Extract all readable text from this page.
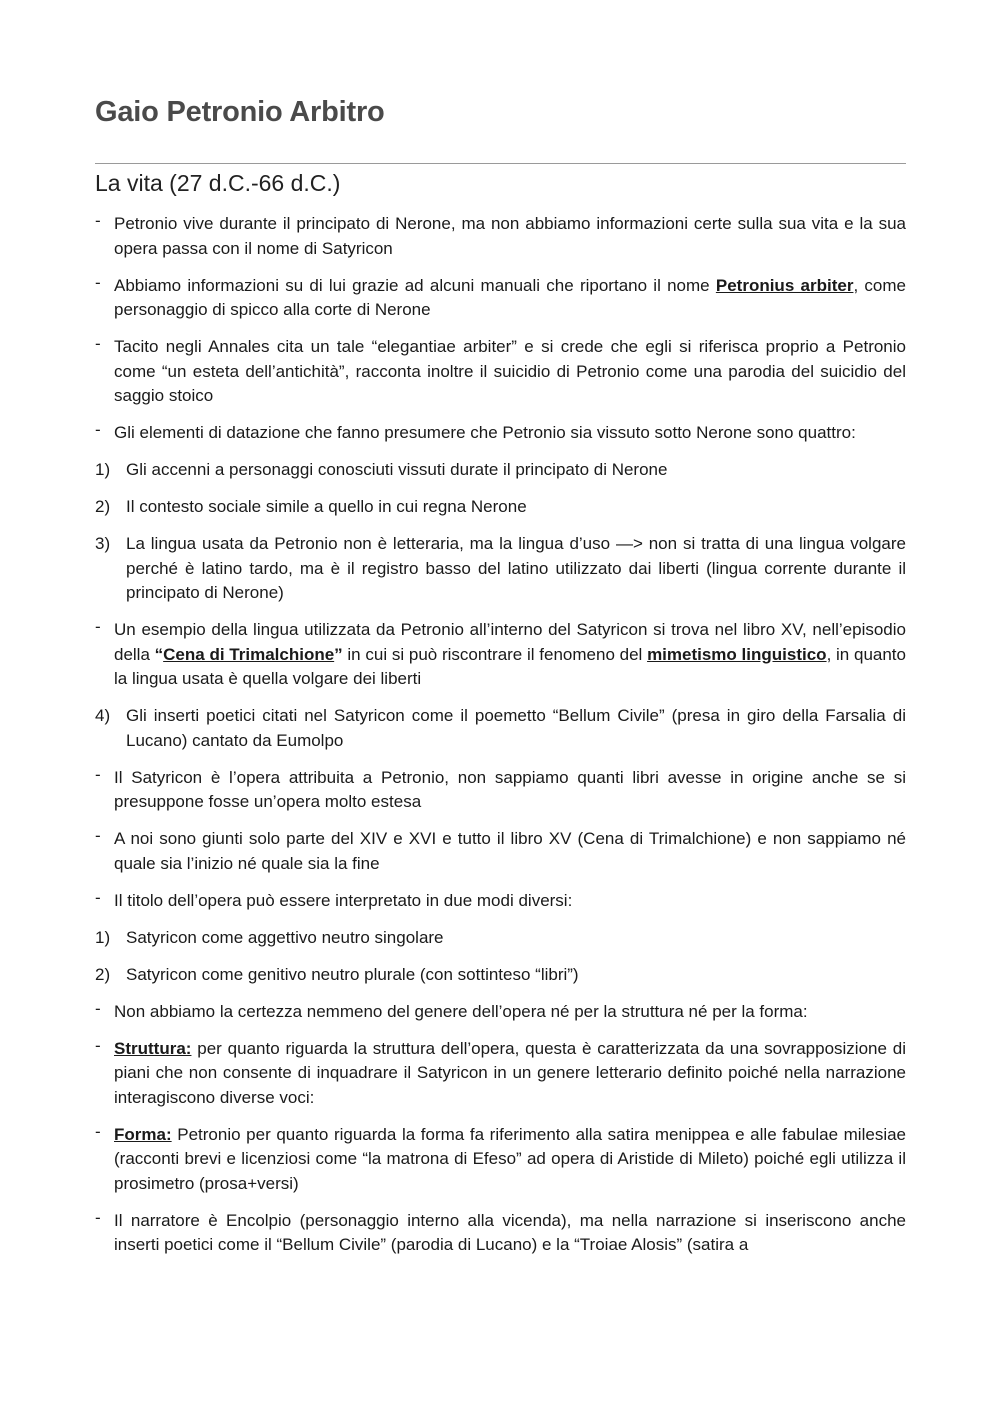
Gaio Petronio Arbitro
La vita (27 d.C.-66 d.C.)
- Petronio vive durante il principato di Nerone, ma non abbiamo informazioni certe sulla sua vita e la sua opera passa con il nome di Satyricon
- Abbiamo informazioni su di lui grazie ad alcuni manuali che riportano il nome Petronius arbiter, come personaggio di spicco alla corte di Nerone
- Tacito negli Annales cita un tale “elegantiae arbiter” e si crede che egli si riferisca proprio a Petronio come “un esteta dell’antichità”, racconta inoltre il suicidio di Petronio come una parodia del suicidio del saggio stoico
- Gli elementi di datazione che fanno presumere che Petronio sia vissuto sotto Nerone sono quattro:
1) Gli accenni a personaggi conosciuti vissuti durate il principato di Nerone
2) Il contesto sociale simile a quello in cui regna Nerone
3) La lingua usata da Petronio non è letteraria, ma la lingua d’uso —> non si tratta di una lingua volgare perché è latino tardo, ma è il registro basso del latino utilizzato dai liberti (lingua corrente durante il principato di Nerone)
- Un esempio della lingua utilizzata da Petronio all’interno del Satyricon si trova nel libro XV, nell’episodio della “Cena di Trimalchione” in cui si può riscontrare il fenomeno del mimetismo linguistico, in quanto la lingua usata è quella volgare dei liberti
4) Gli inserti poetici citati nel Satyricon come il poemetto “Bellum Civile” (presa in giro della Farsalia di Lucano) cantato da Eumolpo
- Il Satyricon è l’opera attribuita a Petronio, non sappiamo quanti libri avesse in origine anche se si presuppone fosse un’opera molto estesa
- A noi sono giunti solo parte del XIV e XVI e tutto il libro XV (Cena di Trimalchione) e non sappiamo né quale sia l’inizio né quale sia la fine
- Il titolo dell’opera può essere interpretato in due modi diversi:
1) Satyricon come aggettivo neutro singolare
2) Satyricon come genitivo neutro plurale (con sottinteso “libri”)
- Non abbiamo la certezza nemmeno del genere dell’opera né per la struttura né per la forma:
- Struttura: per quanto riguarda la struttura dell’opera, questa è caratterizzata da una sovrapposizione di piani che non consente di inquadrare il Satyricon in un genere letterario definito poiché nella narrazione interagiscono diverse voci:
- Forma: Petronio per quanto riguarda la forma fa riferimento alla satira menippea e alle fabulae milesiae (racconti brevi e licenziosi come “la matrona di Efeso” ad opera di Aristide di Mileto) poiché egli utilizza il prosimetro (prosa+versi)
- Il narratore è Encolpio (personaggio interno alla vicenda), ma nella narrazione si inseriscono anche inserti poetici come il “Bellum Civile” (parodia di Lucano) e la “Troiae Alosis” (satira a
